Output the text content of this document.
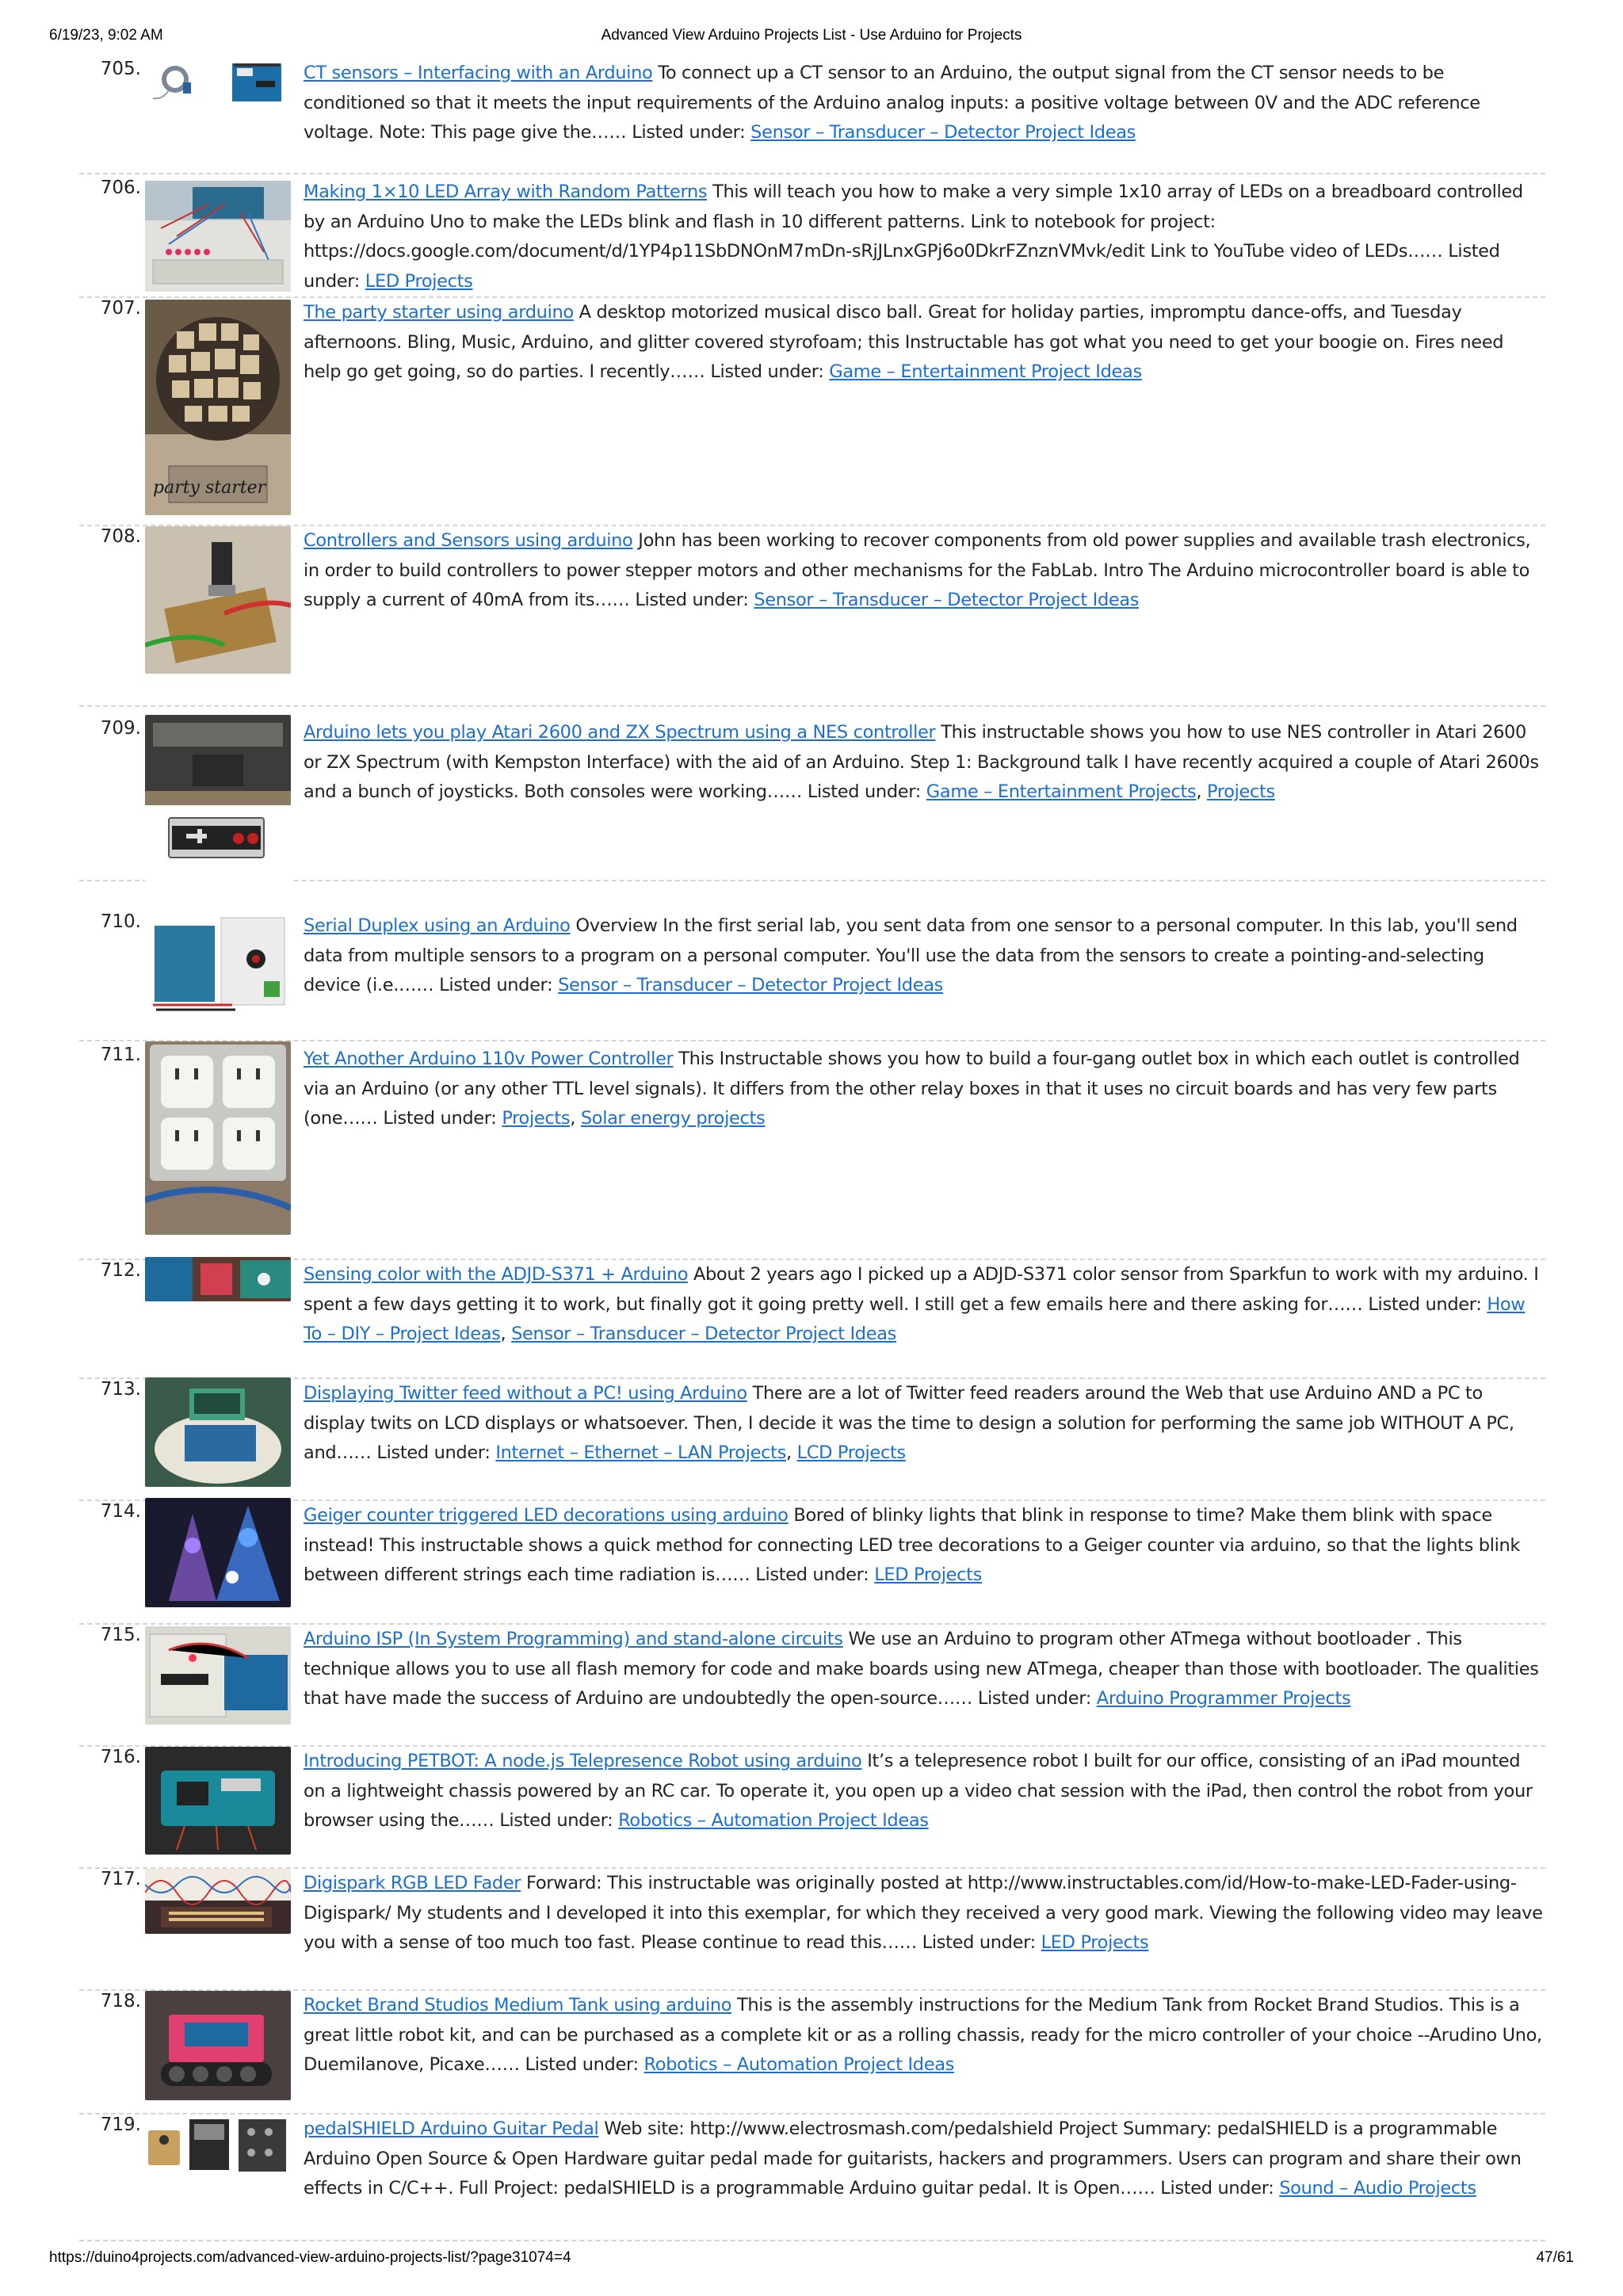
6/19/23, 9:02 AM	Advanced View Arduino Projects List - Use Arduino for Projects
705.	CT sensors – Interfacing with an Arduino To connect up a CT sensor to an Arduino, the output signal from the CT sensor needs to be conditioned so that it meets the input requirements of the Arduino analog inputs: a positive voltage between 0V and the ADC reference voltage. Note: This page give the…… Listed under: Sensor – Transducer – Detector Project Ideas
706.	Making 1×10 LED Array with Random Patterns This will teach you how to make a very simple 1x10 array of LEDs on a breadboard controlled by an Arduino Uno to make the LEDs blink and flash in 10 different patterns. Link to notebook for project: https://docs.google.com/document/d/1YP4p11SbDNOnM7mDn-sRjJLnxGPj6o0DkrFZnznVMvk/edit Link to YouTube video of LEDs…… Listed under: LED Projects
707.
party starter
The party starter using arduino A desktop motorized musical disco ball. Great for holiday parties, impromptu dance-offs, and Tuesday afternoons. Bling, Music, Arduino, and glitter covered styrofoam; this Instructable has got what you need to get your boogie on. Fires need help go get going, so do parties. I recently…… Listed under: Game – Entertainment Project Ideas
708.	Controllers and Sensors using arduino John has been working to recover components from old power supplies and available trash electronics, in order to build controllers to power stepper motors and other mechanisms for the FabLab. Intro The Arduino microcontroller board is able to supply a current of 40mA from its…… Listed under: Sensor – Transducer – Detector Project Ideas
709.	Arduino lets you play Atari 2600 and ZX Spectrum using a NES controller This instructable shows you how to use NES controller in Atari 2600 or ZX Spectrum (with Kempston Interface) with the aid of an Arduino. Step 1: Background talk I have recently acquired a couple of Atari 2600s and a bunch of joysticks. Both consoles were working…… Listed under: Game – Entertainment Projects, Projects
710.	Serial Duplex using an Arduino Overview In the first serial lab, you sent data from one sensor to a personal computer. In this lab, you'll send data from multiple sensors to a program on a personal computer. You'll use the data from the sensors to create a pointing-and-selecting device (i.e.…… Listed under: Sensor – Transducer – Detector Project Ideas
711.	Yet Another Arduino 110v Power Controller This Instructable shows you how to build a four-gang outlet box in which each outlet is controlled via an Arduino (or any other TTL level signals). It differs from the other relay boxes in that it uses no circuit boards and has very few parts (one…… Listed under: Projects, Solar energy projects
712.	Sensing color with the ADJD-S371 + Arduino About 2 years ago I picked up a ADJD-S371 color sensor from Sparkfun to work with my arduino. I spent a few days getting it to work, but finally got it going pretty well. I still get a few emails here and there asking for…… Listed under: How To – DIY – Project Ideas, Sensor – Transducer – Detector Project Ideas
713.	Displaying Twitter feed without a PC! using Arduino There are a lot of Twitter feed readers around the Web that use Arduino AND a PC to display twits on LCD displays or whatsoever. Then, I decide it was the time to design a solution for performing the same job WITHOUT A PC, and…… Listed under: Internet – Ethernet – LAN Projects, LCD Projects
714.	Geiger counter triggered LED decorations using arduino Bored of blinky lights that blink in response to time? Make them blink with space instead! This instructable shows a quick method for connecting LED tree decorations to a Geiger counter via arduino, so that the lights blink between different strings each time radiation is…… Listed under: LED Projects
715.	Arduino ISP (In System Programming) and stand-alone circuits We use an Arduino to program other ATmega without bootloader . This technique allows you to use all flash memory for code and make boards using new ATmega, cheaper than those with bootloader. The qualities that have made the success of Arduino are undoubtedly the open-source…… Listed under: Arduino Programmer Projects
716.	Introducing PETBOT: A node.js Telepresence Robot using arduino It’s a telepresence robot I built for our office, consisting of an iPad mounted on a lightweight chassis powered by an RC car. To operate it, you open up a video chat session with the iPad, then control the robot from your browser using the…… Listed under: Robotics – Automation Project Ideas
717.	Digispark RGB LED Fader Forward: This instructable was originally posted at http://www.instructables.com/id/How-to-make-LED-Fader-using-Digispark/ My students and I developed it into this exemplar, for which they received a very good mark. Viewing the following video may leave you with a sense of too much too fast. Please continue to read this…… Listed under: LED Projects
718.	Rocket Brand Studios Medium Tank using arduino This is the assembly instructions for the Medium Tank from Rocket Brand Studios. This is a great little robot kit, and can be purchased as a complete kit or as a rolling chassis, ready for the micro controller of your choice --Arudino Uno, Duemilanove, Picaxe…… Listed under: Robotics – Automation Project Ideas
719.	pedalSHIELD Arduino Guitar Pedal Web site: http://www.electrosmash.com/pedalshield Project Summary: pedalSHIELD is a programmable Arduino Open Source & Open Hardware guitar pedal made for guitarists, hackers and programmers. Users can program and share their own effects in C/C++. Full Project: pedalSHIELD is a programmable Arduino guitar pedal. It is Open…… Listed under: Sound – Audio Projects
https://duino4projects.com/advanced-view-arduino-projects-list/?page31074=4	47/61
